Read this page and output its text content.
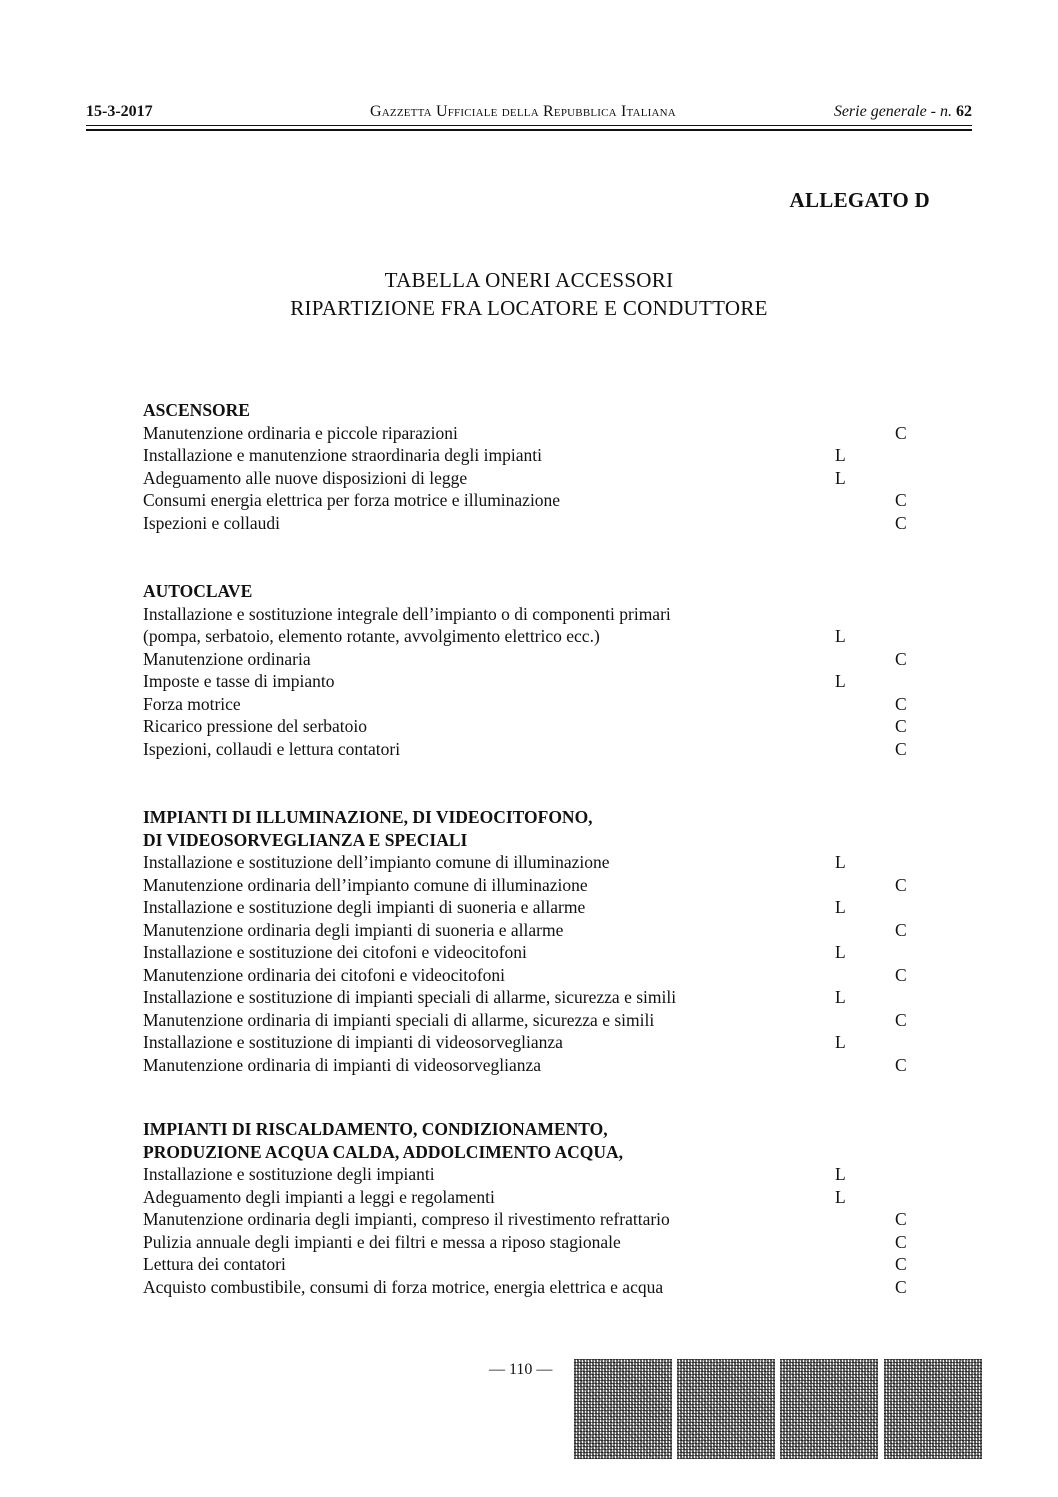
15-3-2017	Gazzetta Ufficiale della Repubblica Italiana	Serie generale - n. 62
ALLEGATO D
TABELLA ONERI ACCESSORI
RIPARTIZIONE FRA LOCATORE E CONDUTTORE
ASCENSORE
Manutenzione ordinaria e piccole riparazioni	C
Installazione e manutenzione straordinaria degli impianti	L
Adeguamento alle nuove disposizioni di legge	L
Consumi energia elettrica per forza motrice e illuminazione	C
Ispezioni e collaudi	C
AUTOCLAVE
Installazione e sostituzione integrale dell’impianto o di componenti primari
(pompa, serbatoio, elemento rotante, avvolgimento elettrico ecc.)	L
Manutenzione ordinaria	C
Imposte e tasse di impianto	L
Forza motrice	C
Ricarico pressione del serbatoio	C
Ispezioni, collaudi e lettura contatori	C
IMPIANTI DI ILLUMINAZIONE, DI VIDEOCITOFONO,
DI VIDEOSORVEGLIANZA E SPECIALI
Installazione e sostituzione dell’impianto comune di illuminazione	L
Manutenzione ordinaria dell’impianto comune di illuminazione	C
Installazione e sostituzione degli impianti di suoneria e allarme	L
Manutenzione ordinaria degli impianti di suoneria e allarme	C
Installazione e sostituzione dei citofoni e videocitofoni	L
Manutenzione ordinaria dei citofoni e videocitofoni	C
Installazione e sostituzione di impianti speciali di allarme, sicurezza e simili	L
Manutenzione ordinaria di impianti speciali di allarme, sicurezza e simili	C
Installazione e sostituzione di impianti di videosorveglianza	L
Manutenzione ordinaria di impianti di videosorveglianza	C
IMPIANTI DI RISCALDAMENTO, CONDIZIONAMENTO,
PRODUZIONE ACQUA CALDA, ADDOLCIMENTO ACQUA,
Installazione e sostituzione degli impianti	L
Adeguamento degli impianti a leggi e regolamenti	L
Manutenzione ordinaria degli impianti, compreso il rivestimento refrattario	C
Pulizia annuale degli impianti e dei filtri e messa a riposo stagionale	C
Lettura dei contatori	C
Acquisto combustibile, consumi di forza motrice, energia elettrica e acqua	C
— 110 —
